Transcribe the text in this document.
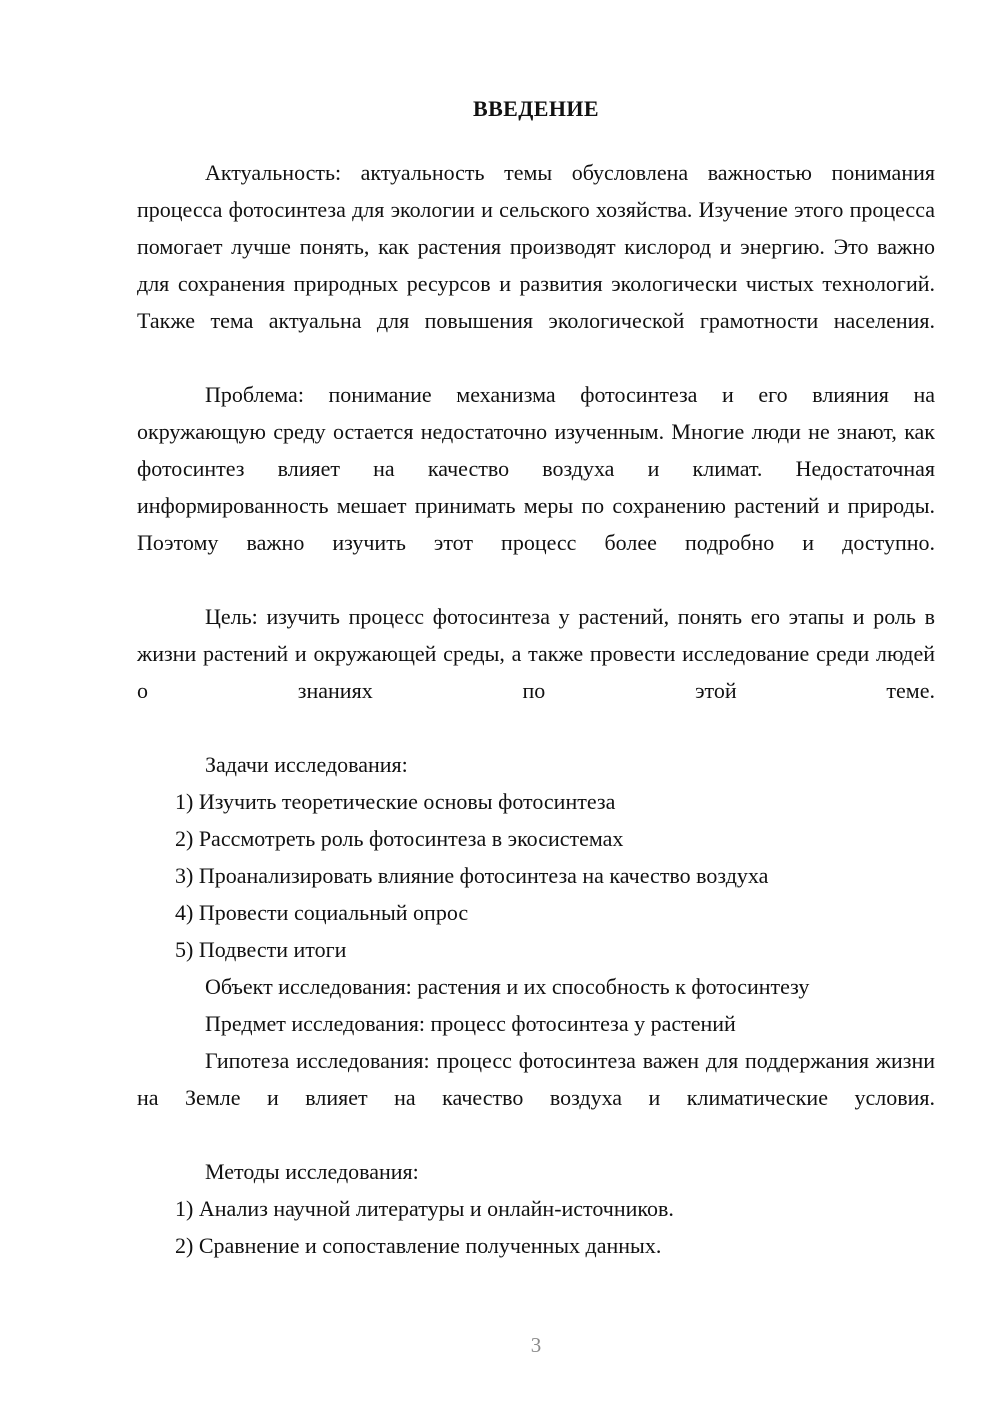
ВВЕДЕНИЕ

Актуальность: актуальность темы обусловлена важностью понимания процесса фотосинтеза для экологии и сельского хозяйства. Изучение этого процесса помогает лучше понять, как растения производят кислород и энергию. Это важно для сохранения природных ресурсов и развития экологически чистых технологий. Также тема актуальна для повышения экологической грамотности населения.

Проблема: понимание механизма фотосинтеза и его влияния на окружающую среду остается недостаточно изученным. Многие люди не знают, как фотосинтез влияет на качество воздуха и климат. Недостаточная информированность мешает принимать меры по сохранению растений и природы. Поэтому важно изучить этот процесс более подробно и доступно.

Цель: изучить процесс фотосинтеза у растений, понять его этапы и роль в жизни растений и окружающей среды, а также провести исследование среди людей о знаниях по этой теме.

Задачи исследования:

1) Изучить теоретические основы фотосинтеза

2) Рассмотреть роль фотосинтеза в экосистемах

3) Проанализировать влияние фотосинтеза на качество воздуха

4) Провести социальный опрос

5) Подвести итоги

Объект исследования: растения и их способность к фотосинтезу

Предмет исследования: процесс фотосинтеза у растений

Гипотеза исследования: процесс фотосинтеза важен для поддержания жизни на Земле и влияет на качество воздуха и климатические условия.

Методы исследования:

1) Анализ научной литературы и онлайн-источников.

2) Сравнение и сопоставление полученных данных.

3
